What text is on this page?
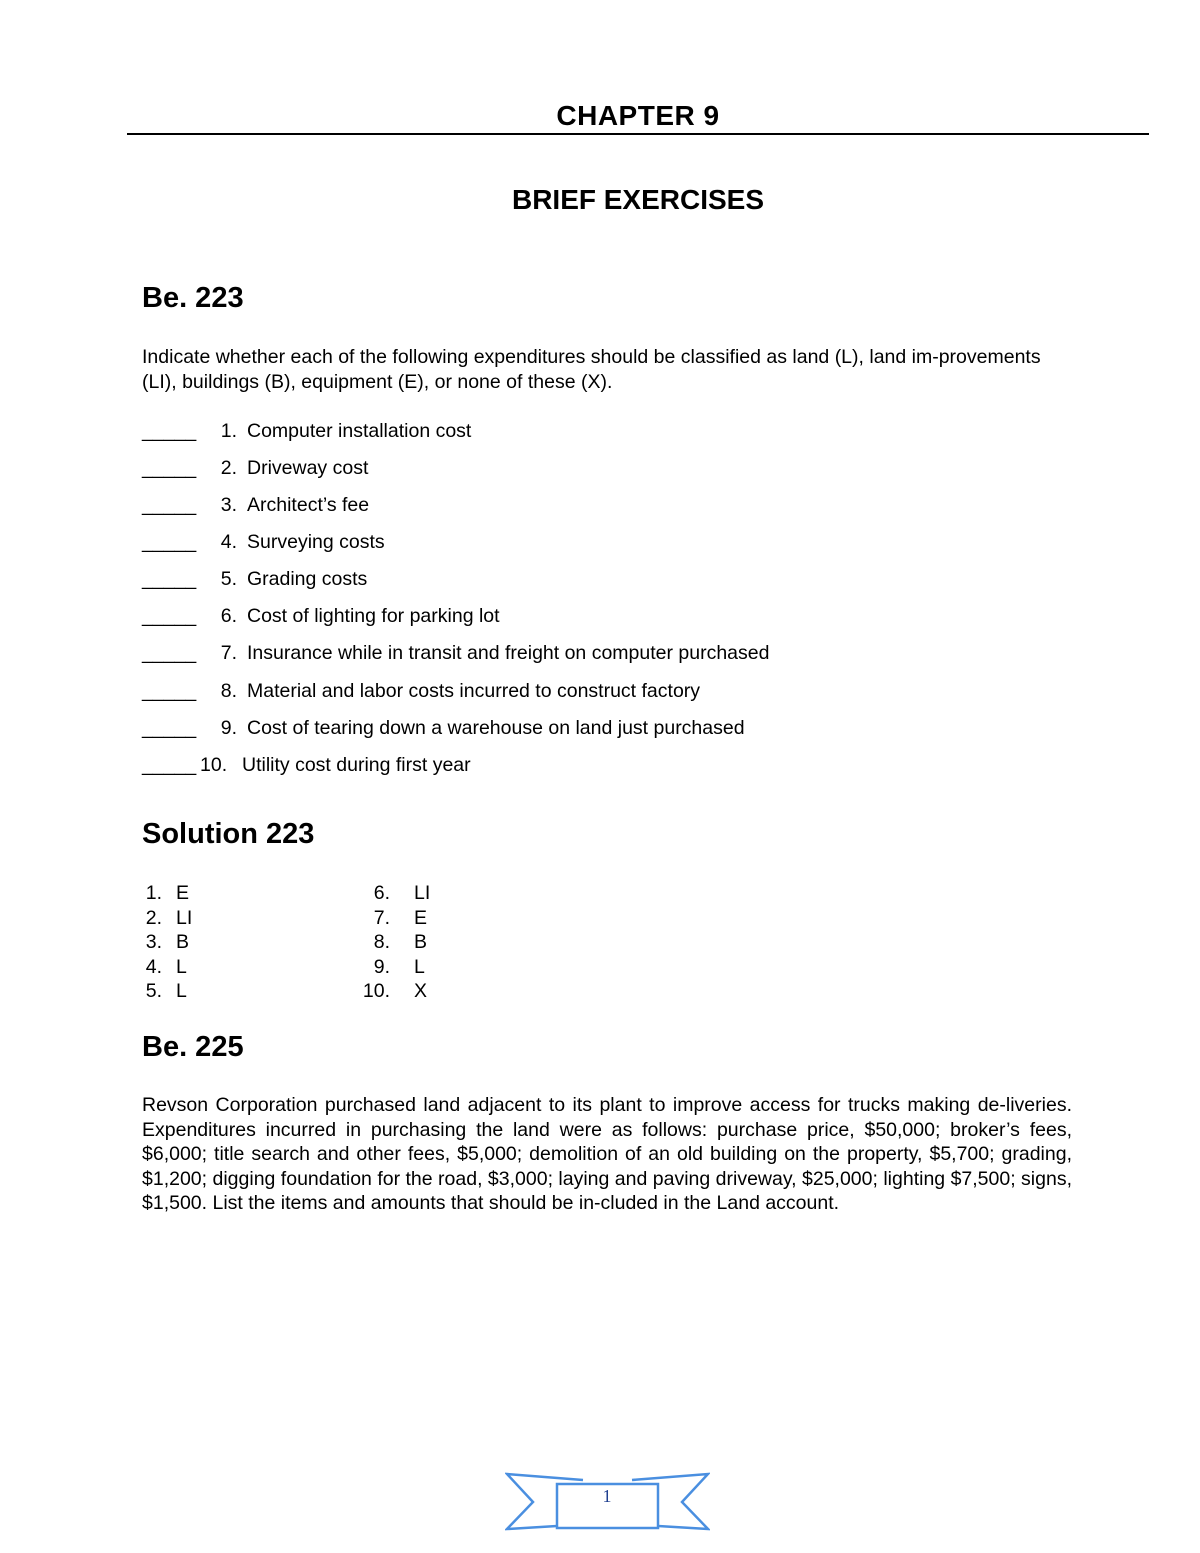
CHAPTER 9
BRIEF EXERCISES
Be. 223

Indicate whether each of the following expenditures should be classified as land (L), land im-provements (LI), buildings (B), equipment (E), or none of these (X).

_____ 1. Computer installation cost
_____ 2. Driveway cost
_____ 3. Architect’s fee
_____ 4. Surveying costs
_____ 5. Grading costs
_____ 6. Cost of lighting for parking lot
_____ 7. Insurance while in transit and freight on computer purchased
_____ 8. Material and labor costs incurred to construct factory
_____ 9. Cost of tearing down a warehouse on land just purchased
_____ 10. Utility cost during first year
Solution 223
1. E
2. LI
3. B
4. L
5. L
6. LI
7. E
8. B
9. L
10. X
Be. 225

Revson Corporation purchased land adjacent to its plant to improve access for trucks making de-liveries. Expenditures incurred in purchasing the land were as follows: purchase price, $50,000; broker’s fees, $6,000; title search and other fees, $5,000; demolition of an old building on the property, $5,700; grading, $1,200; digging foundation for the road, $3,000; laying and paving driveway, $25,000; lighting $7,500; signs, $1,500. List the items and amounts that should be in-cluded in the Land account.

1
